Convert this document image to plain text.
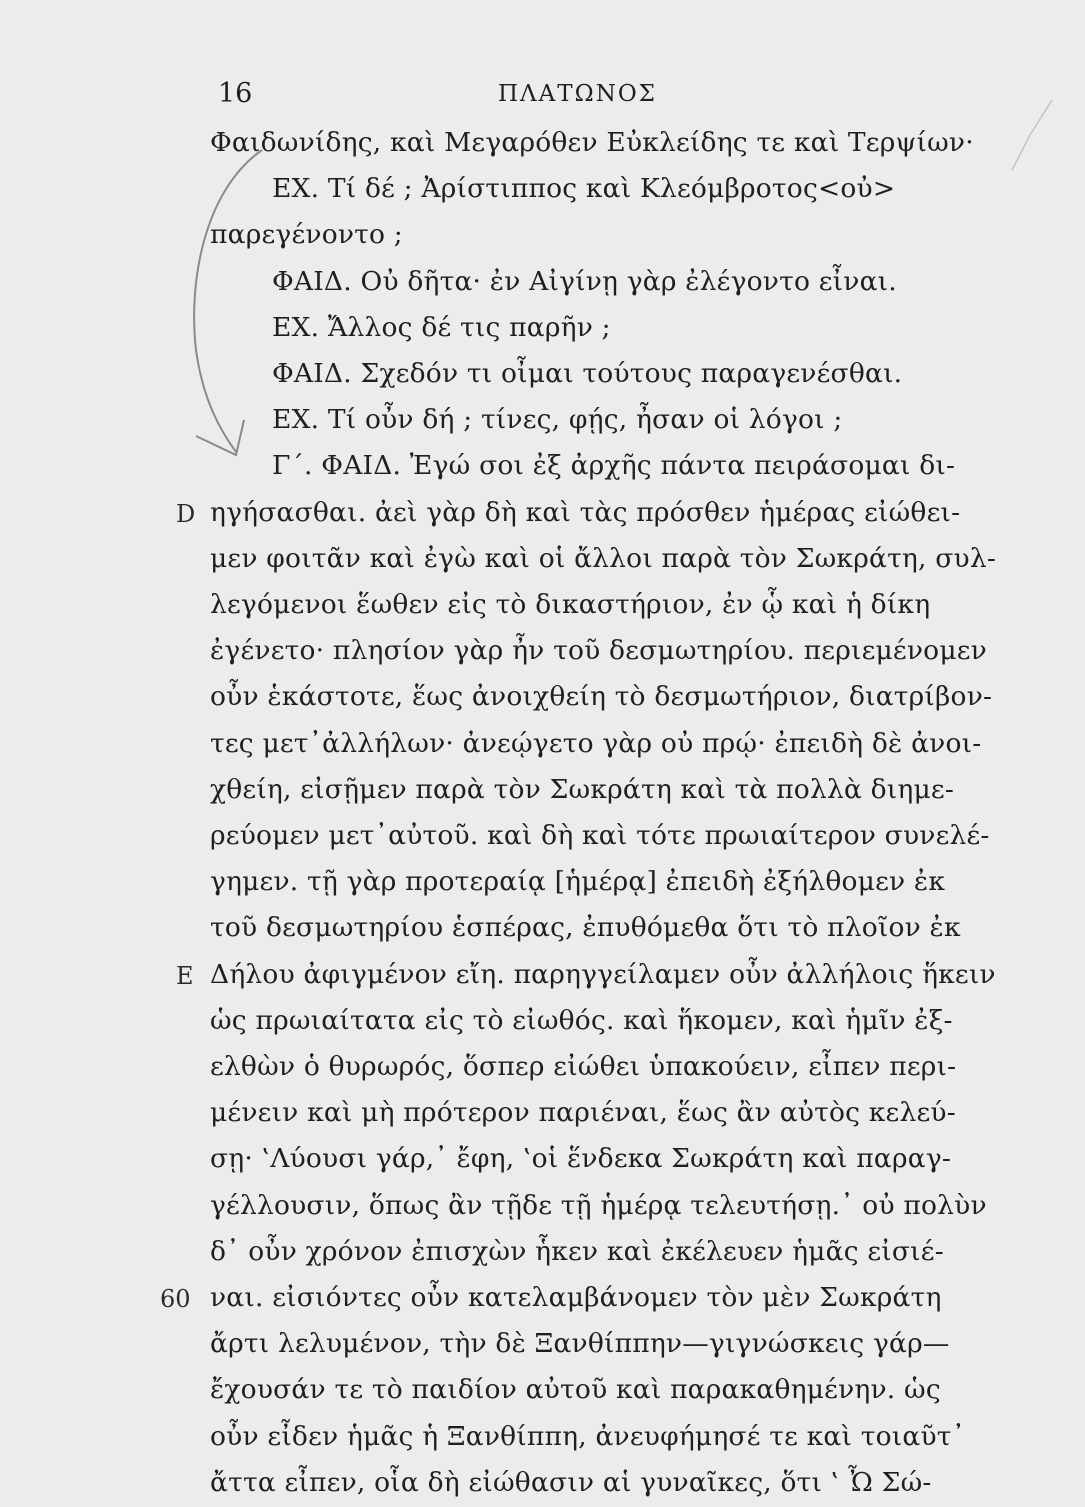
16	ΠΛΑΤΩΝΟΣ
Φαιδωνίδης, καὶ Μεγαρόθεν Εὐκλείδης τε καὶ Τερψίων·
ΕΧ. Τί δέ ; Ἀρίστιππος καὶ Κλεόμβροτος<οὐ>
παρεγένοντο ;
ΦΑΙΔ. Οὐ δῆτα· ἐν Αἰγίνῃ γὰρ ἐλέγοντο εἶναι.
ΕΧ. Ἄλλος δέ τις παρῆν ;
ΦΑΙΔ. Σχεδόν τι οἶμαι τούτους παραγενέσθαι.
ΕΧ. Τί οὖν δή ; τίνες, φῄς, ἦσαν οἱ λόγοι ;
Γ΄. ΦΑΙΔ. Ἐγώ σοι ἐξ ἀρχῆς πάντα πειράσομαι δι-
D ηγήσασθαι. ἀεὶ γὰρ δὴ καὶ τὰς πρόσθεν ἡμέρας εἰώθει-
μεν φοιτᾶν καὶ ἐγὼ καὶ οἱ ἄλλοι παρὰ τὸν Σωκράτη, συλ-
λεγόμενοι ἕωθεν εἰς τὸ δικαστήριον, ἐν ᾧ καὶ ἡ δίκη
ἐγένετο· πλησίον γὰρ ἦν τοῦ δεσμωτηρίου. περιεμένομεν
οὖν ἑκάστοτε, ἕως ἀνοιχθείη τὸ δεσμωτήριον, διατρίβον-
τες μετ᾽ἀλλήλων· ἀνεῴγετο γὰρ οὐ πρῴ· ἐπειδὴ δὲ ἀνοι-
χθείη, εἰσῇμεν παρὰ τὸν Σωκράτη καὶ τὰ πολλὰ διημε-
ρεύομεν μετ᾽αὐτοῦ. καὶ δὴ καὶ τότε πρωιαίτερον συνελέ-
γημεν. τῇ γὰρ προτεραίᾳ [ἡμέρᾳ] ἐπειδὴ ἐξήλθομεν ἐκ
τοῦ δεσμωτηρίου ἑσπέρας, ἐπυθόμεθα ὅτι τὸ πλοῖον ἐκ
E Δήλου ἀφιγμένον εἴη. παρηγγείλαμεν οὖν ἀλλήλοις ἥκειν
ὡς πρωιαίτατα εἰς τὸ εἰωθός. καὶ ἥκομεν, καὶ ἡμῖν ἐξ-
ελθὼν ὁ θυρωρός, ὅσπερ εἰώθει ὑπακούειν, εἶπεν περι-
μένειν καὶ μὴ πρότερον παριέναι, ἕως ἂν αὐτὸς κελεύ-
σῃ· ‛Λύουσι γάρ,᾽ ἔφη, ‛οἱ ἕνδεκα Σωκράτη καὶ παραγ-
γέλλουσιν, ὅπως ἂν τῇδε τῇ ἡμέρᾳ τελευτήσῃ.᾽ οὐ πολὺν
δ᾽ οὖν χρόνον ἐπισχὼν ἧκεν καὶ ἐκέλευεν ἡμᾶς εἰσιέ-
60 ναι. εἰσιόντες οὖν κατελαμβάνομεν τὸν μὲν Σωκράτη
ἄρτι λελυμένον, τὴν δὲ Ξανθίππην—γιγνώσκεις γάρ—
ἔχουσάν τε τὸ παιδίον αὐτοῦ καὶ παρακαθημένην. ὡς
οὖν εἶδεν ἡμᾶς ἡ Ξανθίππη, ἀνευφήμησέ τε καὶ τοιαῦτ᾽
ἄττα εἶπεν, οἷα δὴ εἰώθασιν αἱ γυναῖκες, ὅτι ‛ Ὦ Σώ-
